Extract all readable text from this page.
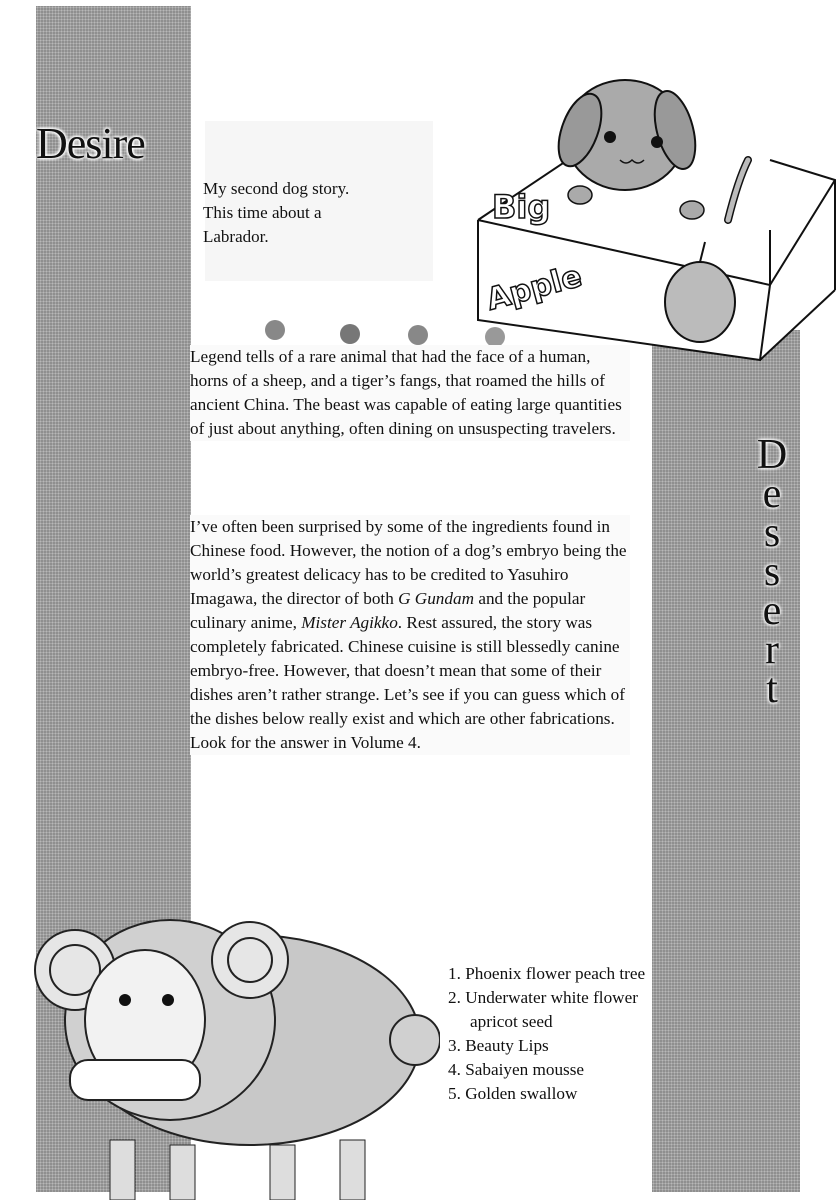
Desire
D
e
s
s
e
r
t

My second dog story.

This time about a

Labrador.

Big
Apple

Legend tells of a rare animal that had the face of a human, horns of a sheep, and a tiger’s fangs, that roamed the hills of ancient China. The beast was capable of eating large quantities of just about anything, often dining on unsuspecting travelers.

I’ve often been surprised by some of the ingredients found in Chinese food. However, the notion of a dog’s embryo being the world’s greatest delicacy has to be credited to Yasuhiro Imagawa, the director of both G Gundam and the popular culinary anime, Mister Agikko. Rest assured, the story was completely fabricated. Chinese cuisine is still blessedly canine embryo-free. However, that doesn’t mean that some of their dishes aren’t rather strange. Let’s see if you can guess which of the dishes below really exist and which are other fabrications. Look for the answer in Volume 4.

1. Phoenix flower peach tree
2. Underwater white flower apricot seed
3. Beauty Lips
4. Sabaiyen mousse
5. Golden swallow
